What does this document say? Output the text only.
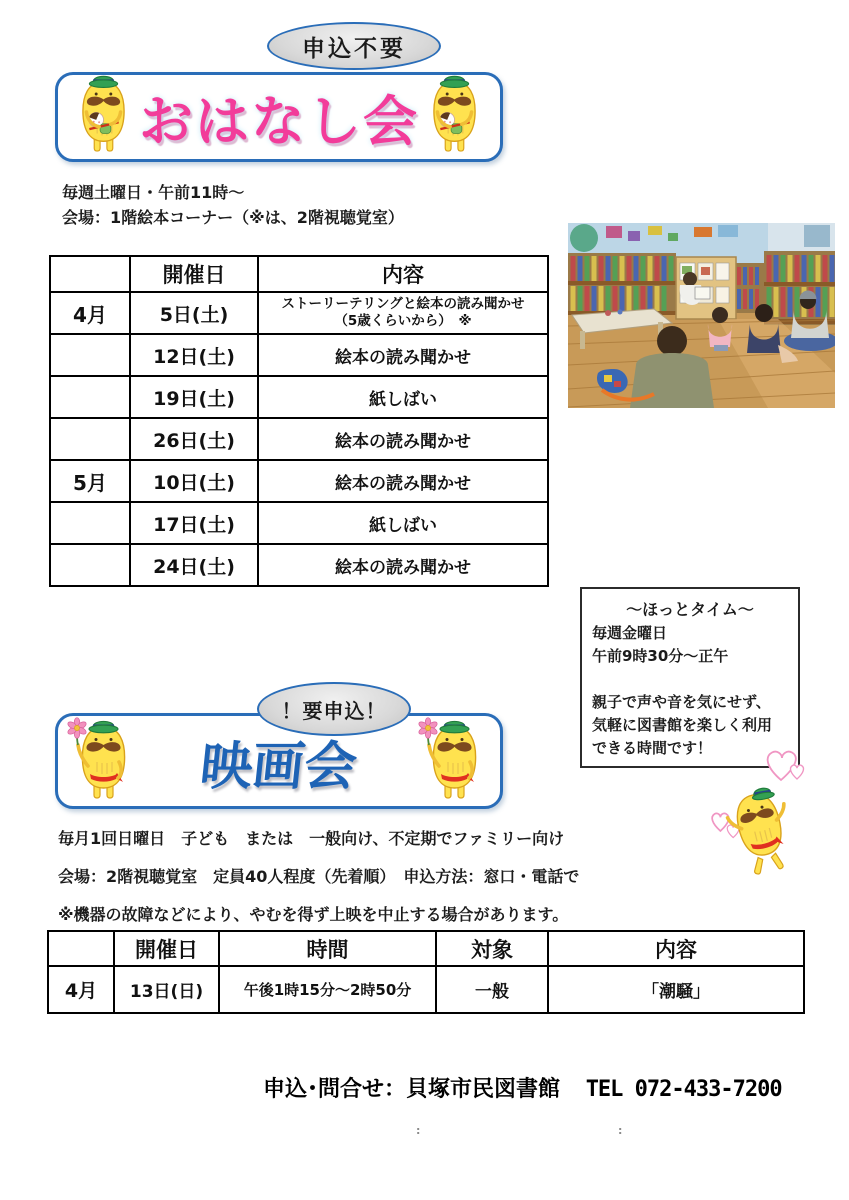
申込不要
おはなし会
毎週土曜日・午前11時～
会場：1階絵本コーナー（※は、2階視聴覚室）
	開催日	内容
4月	5日(土)	ストーリーテリングと絵本の読み聞かせ
（5歳くらいから）　※

	12日(土)	絵本の読み聞かせ
	19日(土)	紙しばい
	26日(土)	絵本の読み聞かせ
5月	10日(土)	絵本の読み聞かせ
	17日(土)	紙しばい
	24日(土)	絵本の読み聞かせ
～ほっとタイム～
毎週金曜日
午前9時30分～正午
親子で声や音を気にせず、
気軽に図書館を楽しく利用
できる時間です！
！要申込！
映画会
毎月1回日曜日　子ども　または　一般向け、不定期でファミリー向け
会場：2階視聴覚室　定員40人程度（先着順）　申込方法：窓口・電話で
※機器の故障などにより、やむを得ず上映を中止する場合があります。
	開催日	時間	対象	内容
4月	13日(日)	午後1時15分～2時50分	一般	「潮騒」
申込･問合せ：貝塚市民図書館 TEL 072-433-7200
:	:
